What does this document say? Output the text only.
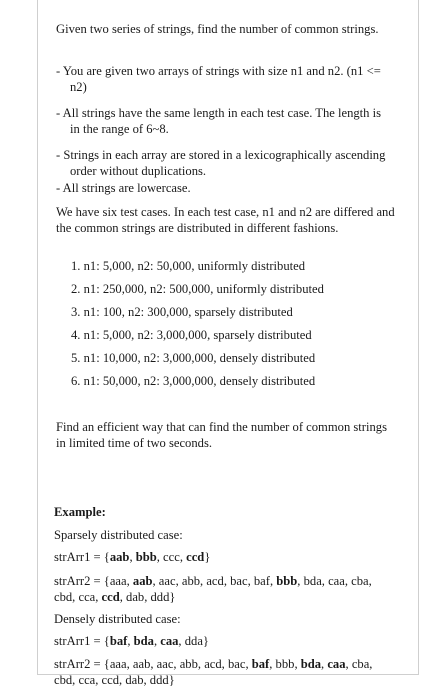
Given two series of strings, find the number of common strings.
- You are given two arrays of strings with size n1 and n2. (n1 <= n2)
- All strings have the same length in each test case. The length is in the range of 6~8.
- Strings in each array are stored in a lexicographically ascending order without duplications.
- All strings are lowercase.
We have six test cases. In each test case, n1 and n2 are differed and the common strings are distributed in different fashions.
1. n1: 5,000, n2: 50,000, uniformly distributed
2. n1: 250,000, n2: 500,000, uniformly distributed
3. n1: 100, n2: 300,000, sparsely distributed
4. n1: 5,000, n2: 3,000,000, sparsely distributed
5. n1: 10,000, n2: 3,000,000, densely distributed
6. n1: 50,000, n2: 3,000,000, densely distributed
Find an efficient way that can find the number of common strings in limited time of two seconds.
Example:
Sparsely distributed case:
strArr1 = {aab, bbb, ccc, ccd}
strArr2 = {aaa, aab, aac, abb, acd, bac, baf, bbb, bda, caa, cba, cbd, cca, ccd, dab, ddd}
Densely distributed case:
strArr1 = {baf, bda, caa, dda}
strArr2 = {aaa, aab, aac, abb, acd, bac, baf, bbb, bda, caa, cba, cbd, cca, ccd, dab, ddd}
